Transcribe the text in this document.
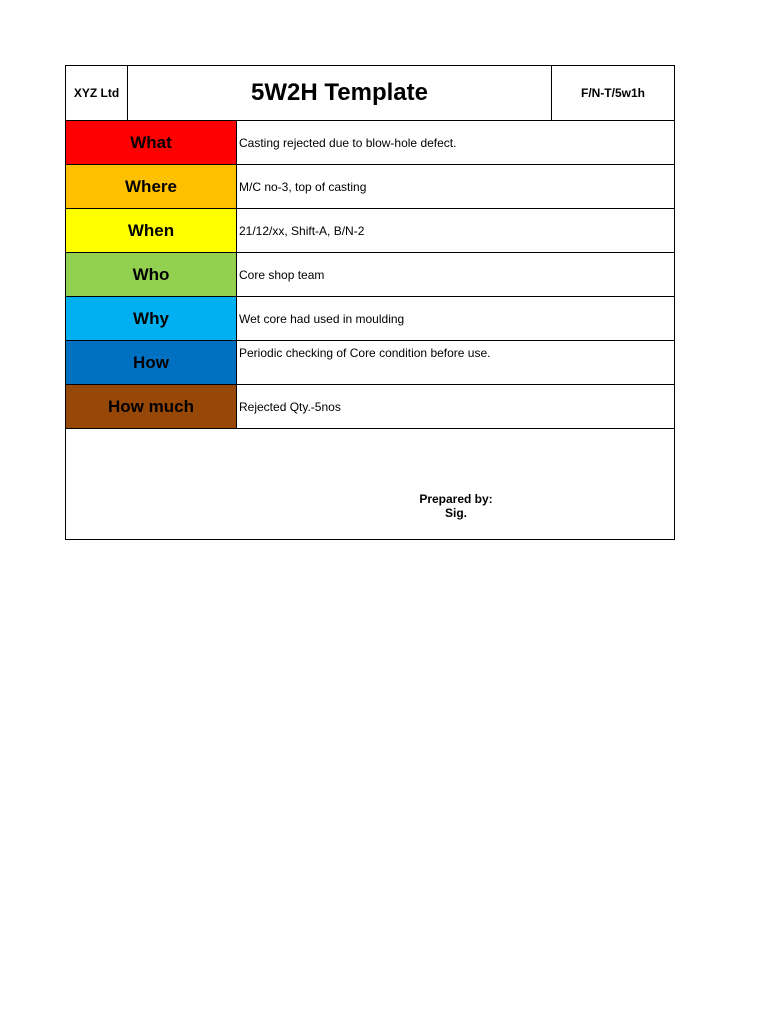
XYZ Ltd	5W2H Template	F/N-T/5w1h
What	Casting rejected due to blow-hole defect.
Where	M/C no-3, top of casting
When	21/12/xx, Shift-A, B/N-2
Who	Core shop team
Why	Wet core had used in moulding
How	Periodic checking of Core condition before use.
How much	Rejected Qty.-5nos
Prepared by:
Sig.
